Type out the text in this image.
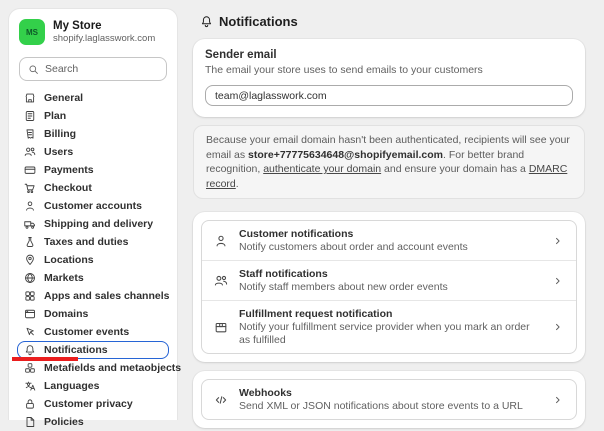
MS
My Store
shopify.laglasswork.com
Search
General
Plan
Billing
Users
Payments
Checkout
Customer accounts
Shipping and delivery
Taxes and duties
Locations
Markets
Apps and sales channels
Domains
Customer events
Notifications
Metafields and metaobjects
Languages
Customer privacy
Policies
Notifications
Sender email
The email your store uses to send emails to your customers
team@laglasswork.com
Because your email domain hasn't been authenticated, recipients will see your email as store+77775634648@shopifyemail.com. For better brand recognition, authenticate your domain and ensure your domain has a DMARC record.
Customer notifications
Notify customers about order and account events
Staff notifications
Notify staff members about new order events
Fulfillment request notification
Notify your fulfillment service provider when you mark an order as fulfilled
Webhooks
Send XML or JSON notifications about store events to a URL
